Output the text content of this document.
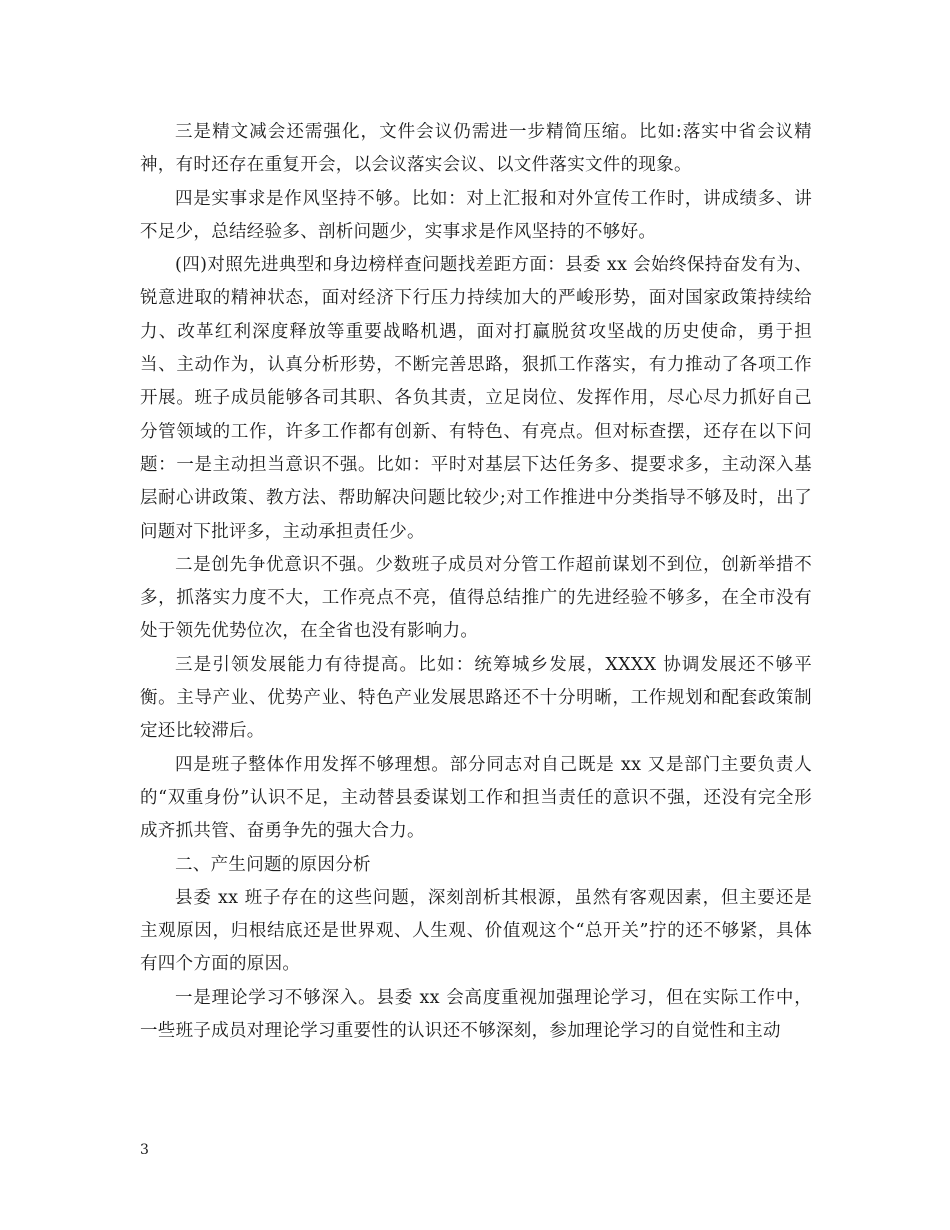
三是精文减会还需强化，文件会议仍需进一步精简压缩。比如:落实中省会议精神，有时还存在重复开会，以会议落实会议、以文件落实文件的现象。

四是实事求是作风坚持不够。比如：对上汇报和对外宣传工作时，讲成绩多、讲不足少，总结经验多、剖析问题少，实事求是作风坚持的不够好。

(四)对照先进典型和身边榜样查问题找差距方面：县委 xx 会始终保持奋发有为、锐意进取的精神状态，面对经济下行压力持续加大的严峻形势，面对国家政策持续给力、改革红利深度释放等重要战略机遇，面对打赢脱贫攻坚战的历史使命，勇于担当、主动作为，认真分析形势，不断完善思路，狠抓工作落实，有力推动了各项工作开展。班子成员能够各司其职、各负其责，立足岗位、发挥作用，尽心尽力抓好自己分管领域的工作，许多工作都有创新、有特色、有亮点。但对标查摆，还存在以下问题：一是主动担当意识不强。比如：平时对基层下达任务多、提要求多，主动深入基层耐心讲政策、教方法、帮助解决问题比较少;对工作推进中分类指导不够及时，出了问题对下批评多，主动承担责任少。

二是创先争优意识不强。少数班子成员对分管工作超前谋划不到位，创新举措不多，抓落实力度不大，工作亮点不亮，值得总结推广的先进经验不够多，在全市没有处于领先优势位次，在全省也没有影响力。

三是引领发展能力有待提高。比如：统筹城乡发展，XXXX 协调发展还不够平衡。主导产业、优势产业、特色产业发展思路还不十分明晰，工作规划和配套政策制定还比较滞后。

四是班子整体作用发挥不够理想。部分同志对自己既是 xx 又是部门主要负责人的“双重身份”认识不足，主动替县委谋划工作和担当责任的意识不强，还没有完全形成齐抓共管、奋勇争先的强大合力。

二、产生问题的原因分析

县委 xx 班子存在的这些问题，深刻剖析其根源，虽然有客观因素，但主要还是主观原因，归根结底还是世界观、人生观、价值观这个“总开关”拧的还不够紧，具体有四个方面的原因。

一是理论学习不够深入。县委 xx 会高度重视加强理论学习，但在实际工作中，一些班子成员对理论学习重要性的认识还不够深刻，参加理论学习的自觉性和主动

3
